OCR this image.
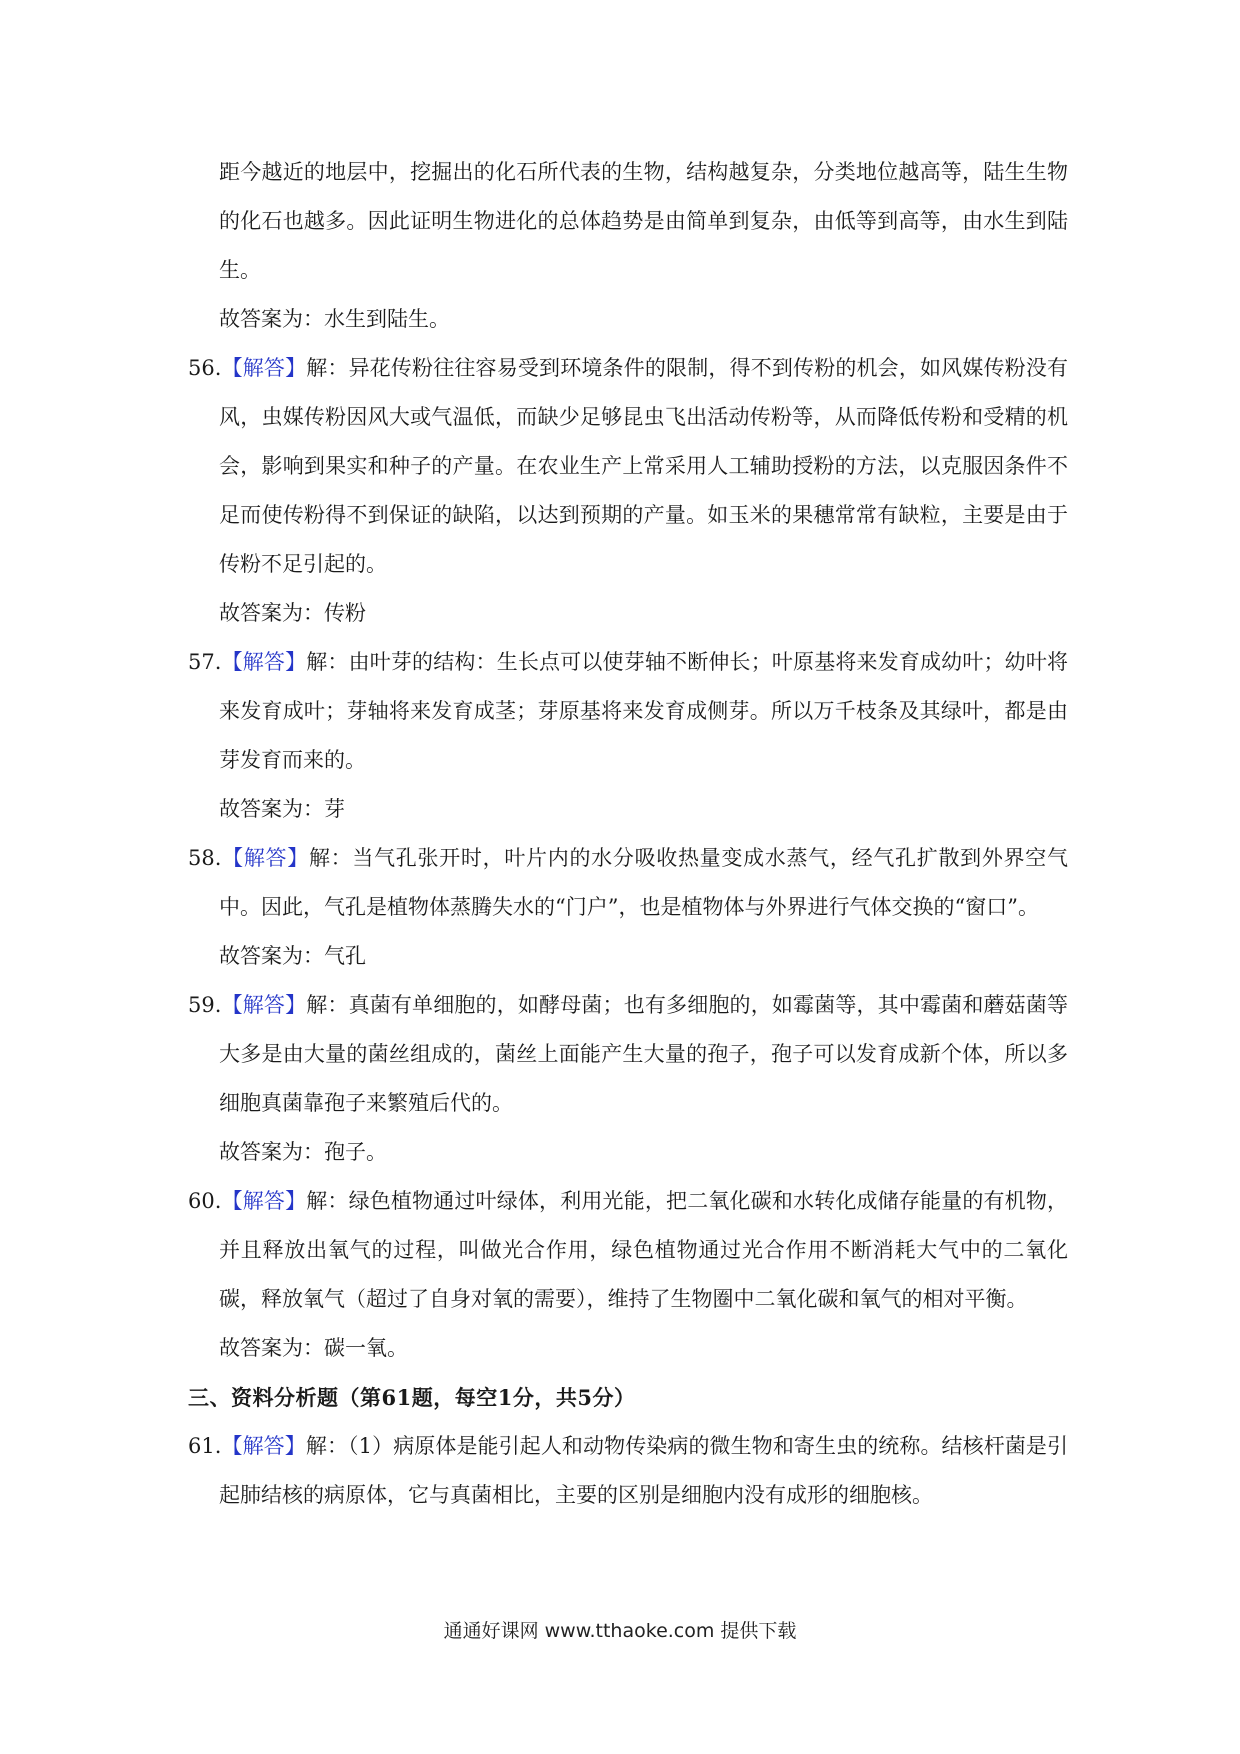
距今越近的地层中，挖掘出的化石所代表的生物，结构越复杂，分类地位越高等，陆生生物的化石也越多。因此证明生物进化的总体趋势是由简单到复杂，由低等到高等，由水生到陆生。

故答案为：水生到陆生。

56.【解答】解：异花传粉往往容易受到环境条件的限制，得不到传粉的机会，如风媒传粉没有风，虫媒传粉因风大或气温低，而缺少足够昆虫飞出活动传粉等，从而降低传粉和受精的机会，影响到果实和种子的产量。在农业生产上常采用人工辅助授粉的方法，以克服因条件不足而使传粉得不到保证的缺陷，以达到预期的产量。如玉米的果穗常常有缺粒，主要是由于传粉不足引起的。

故答案为：传粉

57.【解答】解：由叶芽的结构：生长点可以使芽轴不断伸长；叶原基将来发育成幼叶；幼叶将来发育成叶；芽轴将来发育成茎；芽原基将来发育成侧芽。所以万千枝条及其绿叶，都是由芽发育而来的。

故答案为：芽

58.【解答】解：当气孔张开时，叶片内的水分吸收热量变成水蒸气，经气孔扩散到外界空气中。因此，气孔是植物体蒸腾失水的“门户”，也是植物体与外界进行气体交换的“窗口”。

故答案为：气孔

59.【解答】解：真菌有单细胞的，如酵母菌；也有多细胞的，如霉菌等，其中霉菌和蘑菇菌等大多是由大量的菌丝组成的，菌丝上面能产生大量的孢子，孢子可以发育成新个体，所以多细胞真菌靠孢子来繁殖后代的。

故答案为：孢子。

60.【解答】解：绿色植物通过叶绿体，利用光能，把二氧化碳和水转化成储存能量的有机物，并且释放出氧气的过程，叫做光合作用，绿色植物通过光合作用不断消耗大气中的二氧化碳，释放氧气（超过了自身对氧的需要），维持了生物圈中二氧化碳和氧气的相对平衡。

故答案为：碳一氧。

三、资料分析题（第61题，每空1分，共5分）

61.【解答】解：（1）病原体是能引起人和动物传染病的微生物和寄生虫的统称。结核杆菌是引起肺结核的病原体，它与真菌相比，主要的区别是细胞内没有成形的细胞核。

通通好课网 www.tthaoke.com 提供下载
